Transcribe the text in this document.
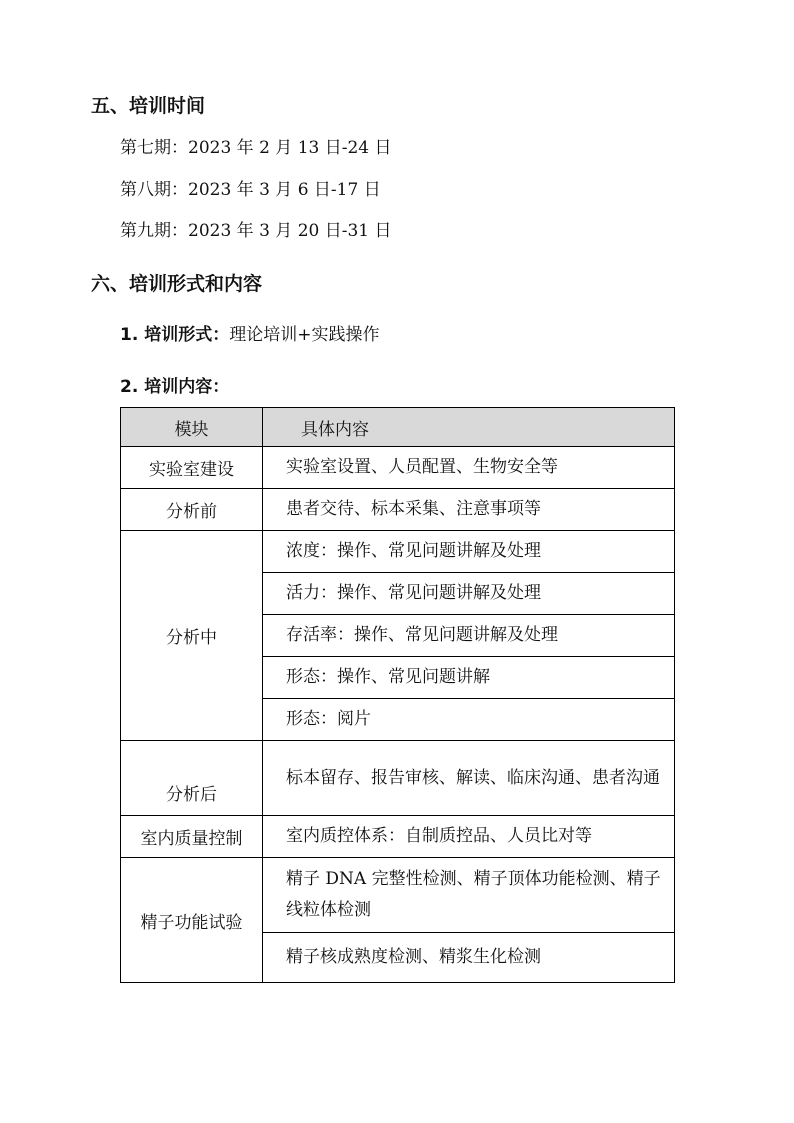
五、培训时间
第七期：2023 年 2 月 13 日-24 日
第八期：2023 年 3 月 6 日-17 日
第九期：2023 年 3 月 20 日-31 日
六、培训形式和内容
1. 培训形式：理论培训+实践操作
2. 培训内容：
模块	具体内容
实验室建设	实验室设置、人员配置、生物安全等
分析前	患者交待、标本采集、注意事项等
分析中	浓度：操作、常见问题讲解及处理
	活力：操作、常见问题讲解及处理
	存活率：操作、常见问题讲解及处理
	形态：操作、常见问题讲解
	形态：阅片
分析后	标本留存、报告审核、解读、临床沟通、患者沟通
室内质量控制	室内质控体系：自制质控品、人员比对等
精子功能试验	精子 DNA 完整性检测、精子顶体功能检测、精子线粒体检测
	精子核成熟度检测、精浆生化检测
